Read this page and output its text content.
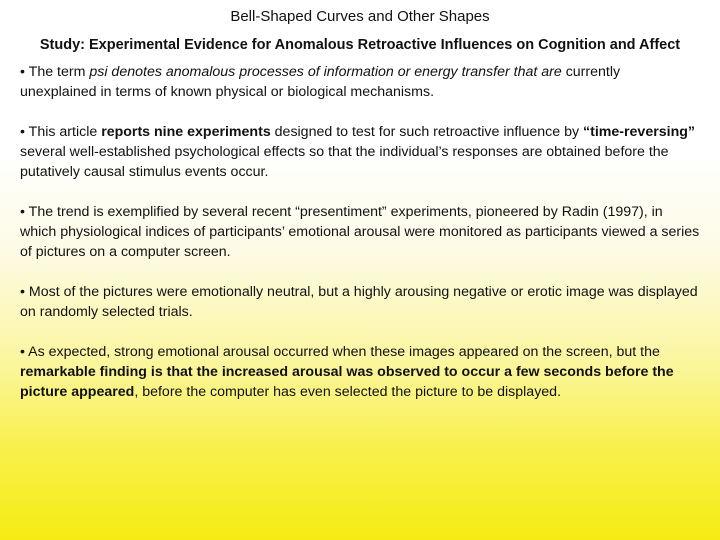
Bell-Shaped Curves and Other Shapes
Study: Experimental Evidence for Anomalous Retroactive Influences on Cognition and Affect

• The term psi denotes anomalous processes of information or energy transfer that are currently unexplained in terms of known physical or biological mechanisms.

• This article reports nine experiments designed to test for such retroactive influence by “time-reversing” several well-established psychological effects so that the individual’s responses are obtained before the putatively causal stimulus events occur.

• The trend is exemplified by several recent “presentiment” experiments, pioneered by Radin (1997), in which physiological indices of participants’ emotional arousal were monitored as participants viewed a series of pictures on a computer screen.

• Most of the pictures were emotionally neutral, but a highly arousing negative or erotic image was displayed on randomly selected trials.

• As expected, strong emotional arousal occurred when these images appeared on the screen, but the remarkable finding is that the increased arousal was observed to occur a few seconds before the picture appeared, before the computer has even selected the picture to be displayed.
